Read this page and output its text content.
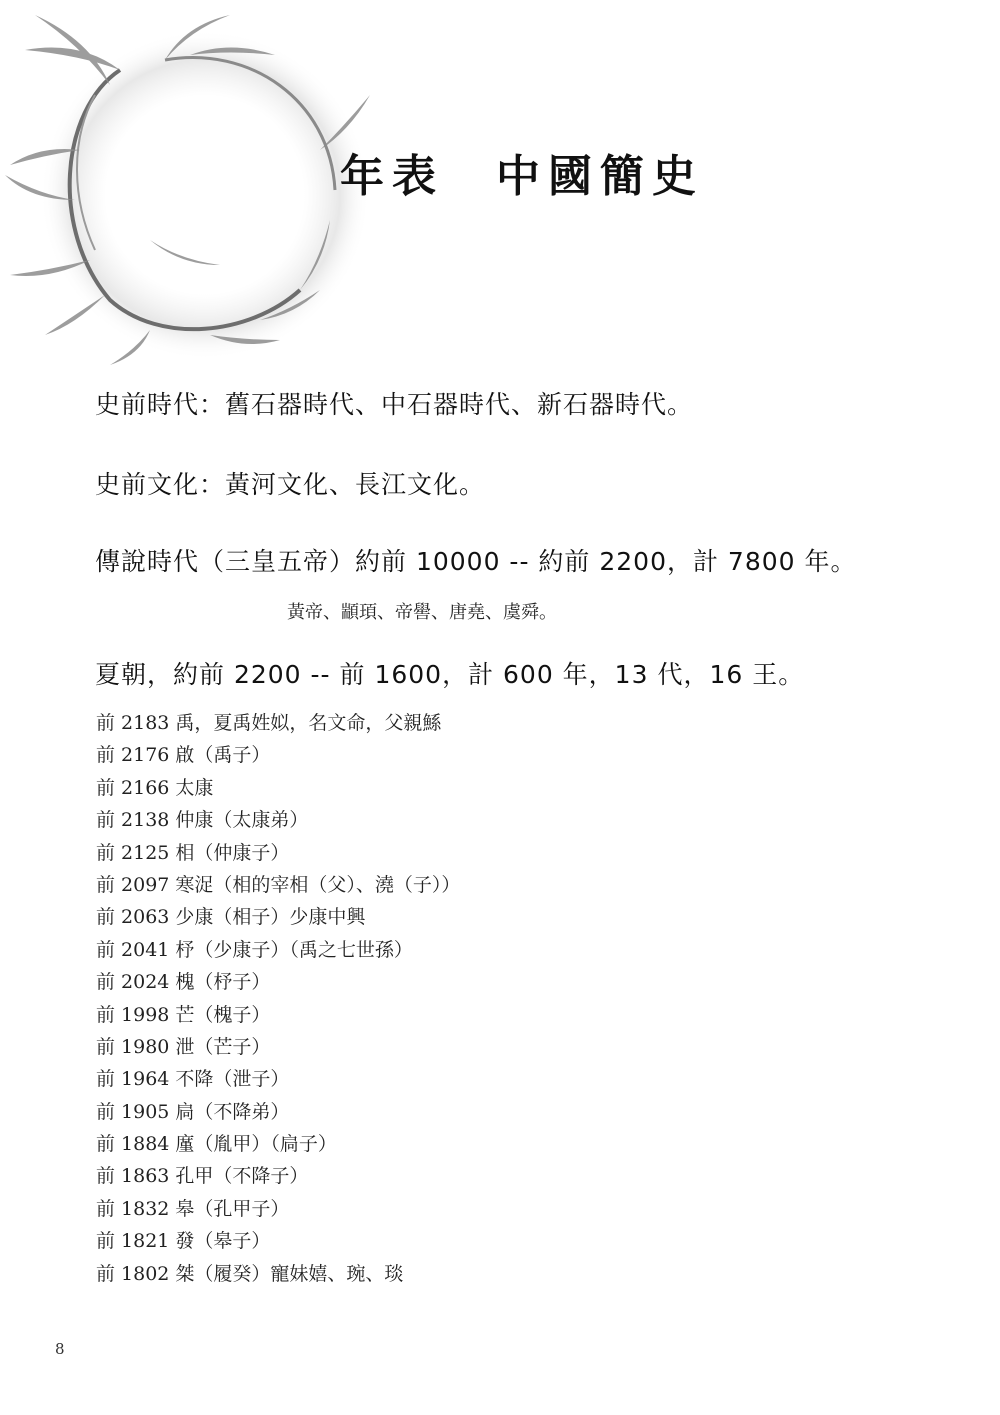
年表　中國簡史

史前時代：舊石器時代、中石器時代、新石器時代。

史前文化：黃河文化、長江文化。

傳說時代（三皇五帝）約前 10000 -- 約前 2200，計 7800 年。

黃帝、顓頊、帝嚳、唐堯、虞舜。

夏朝，約前 2200 -- 前 1600，計 600 年，13 代，16 王。

前 2183 禹，夏禹姓姒，名文命，父親鯀
前 2176 啟（禹子）
前 2166 太康
前 2138 仲康（太康弟）
前 2125 相（仲康子）
前 2097 寒浞（相的宰相（父）、澆（子））
前 2063 少康（相子）少康中興
前 2041 杼（少康子）（禹之七世孫）
前 2024 槐（杼子）
前 1998 芒（槐子）
前 1980 泄（芒子）
前 1964 不降（泄子）
前 1905 扃（不降弟）
前 1884 廑（胤甲）（扃子）
前 1863 孔甲（不降子）
前 1832 皋（孔甲子）
前 1821 發（皋子）
前 1802 桀（履癸）寵妹嬉、琬、琰
8
